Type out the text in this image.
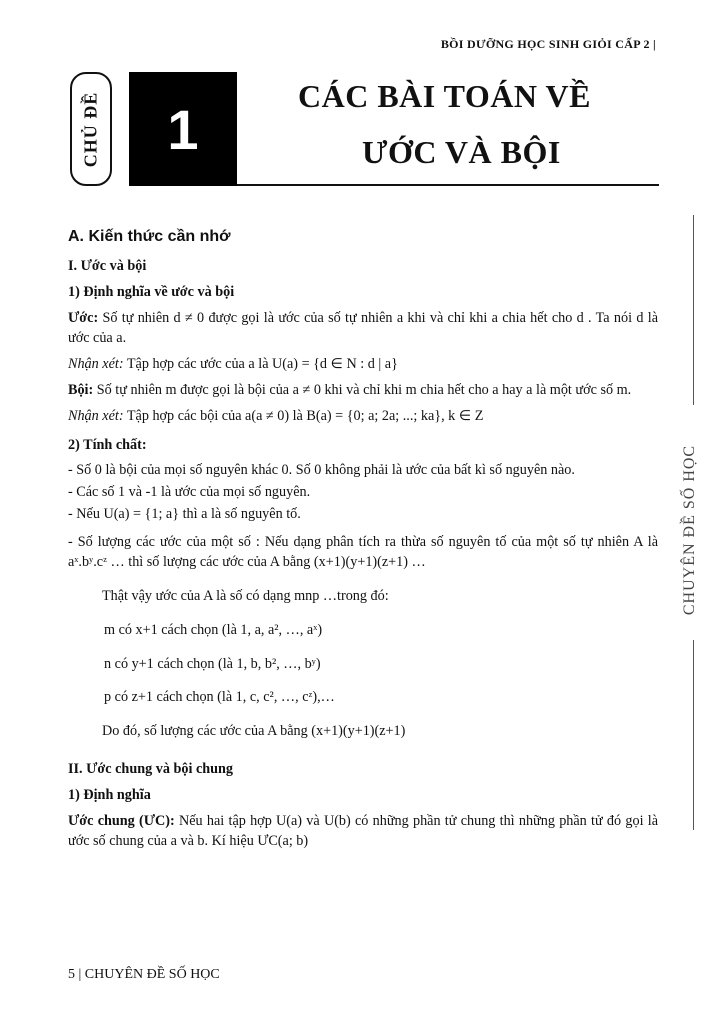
BỒI DƯỠNG HỌC SINH GIỎI CẤP 2 |
CHỦ ĐỀ	1
CÁC BÀI TOÁN VỀ
ƯỚC VÀ BỘI
CHUYÊN ĐỀ SỐ HỌC
A. Kiến thức cần nhớ
I. Ước và bội
1) Định nghĩa về ước và bội

Ước: Số tự nhiên d ≠ 0 được gọi là ước của số tự nhiên a khi và chỉ khi a chia hết cho d . Ta nói d là ước của a.

Nhận xét: Tập hợp các ước của a là U(a) = {d ∈ N : d | a}

Bội: Số tự nhiên m được gọi là bội của a ≠ 0 khi và chỉ khi m chia hết cho a hay a là một ước số m.

Nhận xét: Tập hợp các bội của a(a ≠ 0) là B(a) = {0; a; 2a; ...; ka}, k ∈ Z

2) Tính chất:

- Số 0 là bội của mọi số nguyên khác 0. Số 0 không phải là ước của bất kì số nguyên nào.

- Các số 1 và -1 là ước của mọi số nguyên.

- Nếu U(a) = {1; a} thì a là số nguyên tố.

- Số lượng các ước của một số : Nếu dạng phân tích ra thừa số nguyên tố của một số tự nhiên A là aˣ.bʸ.cᶻ … thì số lượng các ước của A bằng (x+1)(y+1)(z+1) …

Thật vậy ước của A là số có dạng mnp …trong đó:

m có x+1 cách chọn (là 1, a, a², …, aˣ)

n có y+1 cách chọn (là 1, b, b², …, bʸ)

p có z+1 cách chọn (là 1, c, c², …, cᶻ),…

Do đó, số lượng các ước của A bằng (x+1)(y+1)(z+1)

II. Ước chung và bội chung
1) Định nghĩa

Ước chung (ƯC): Nếu hai tập hợp U(a) và U(b) có những phần tử chung thì những phần tử đó gọi là ước số chung của a và b. Kí hiệu ƯC(a; b)

5 | CHUYÊN ĐỀ SỐ HỌC
